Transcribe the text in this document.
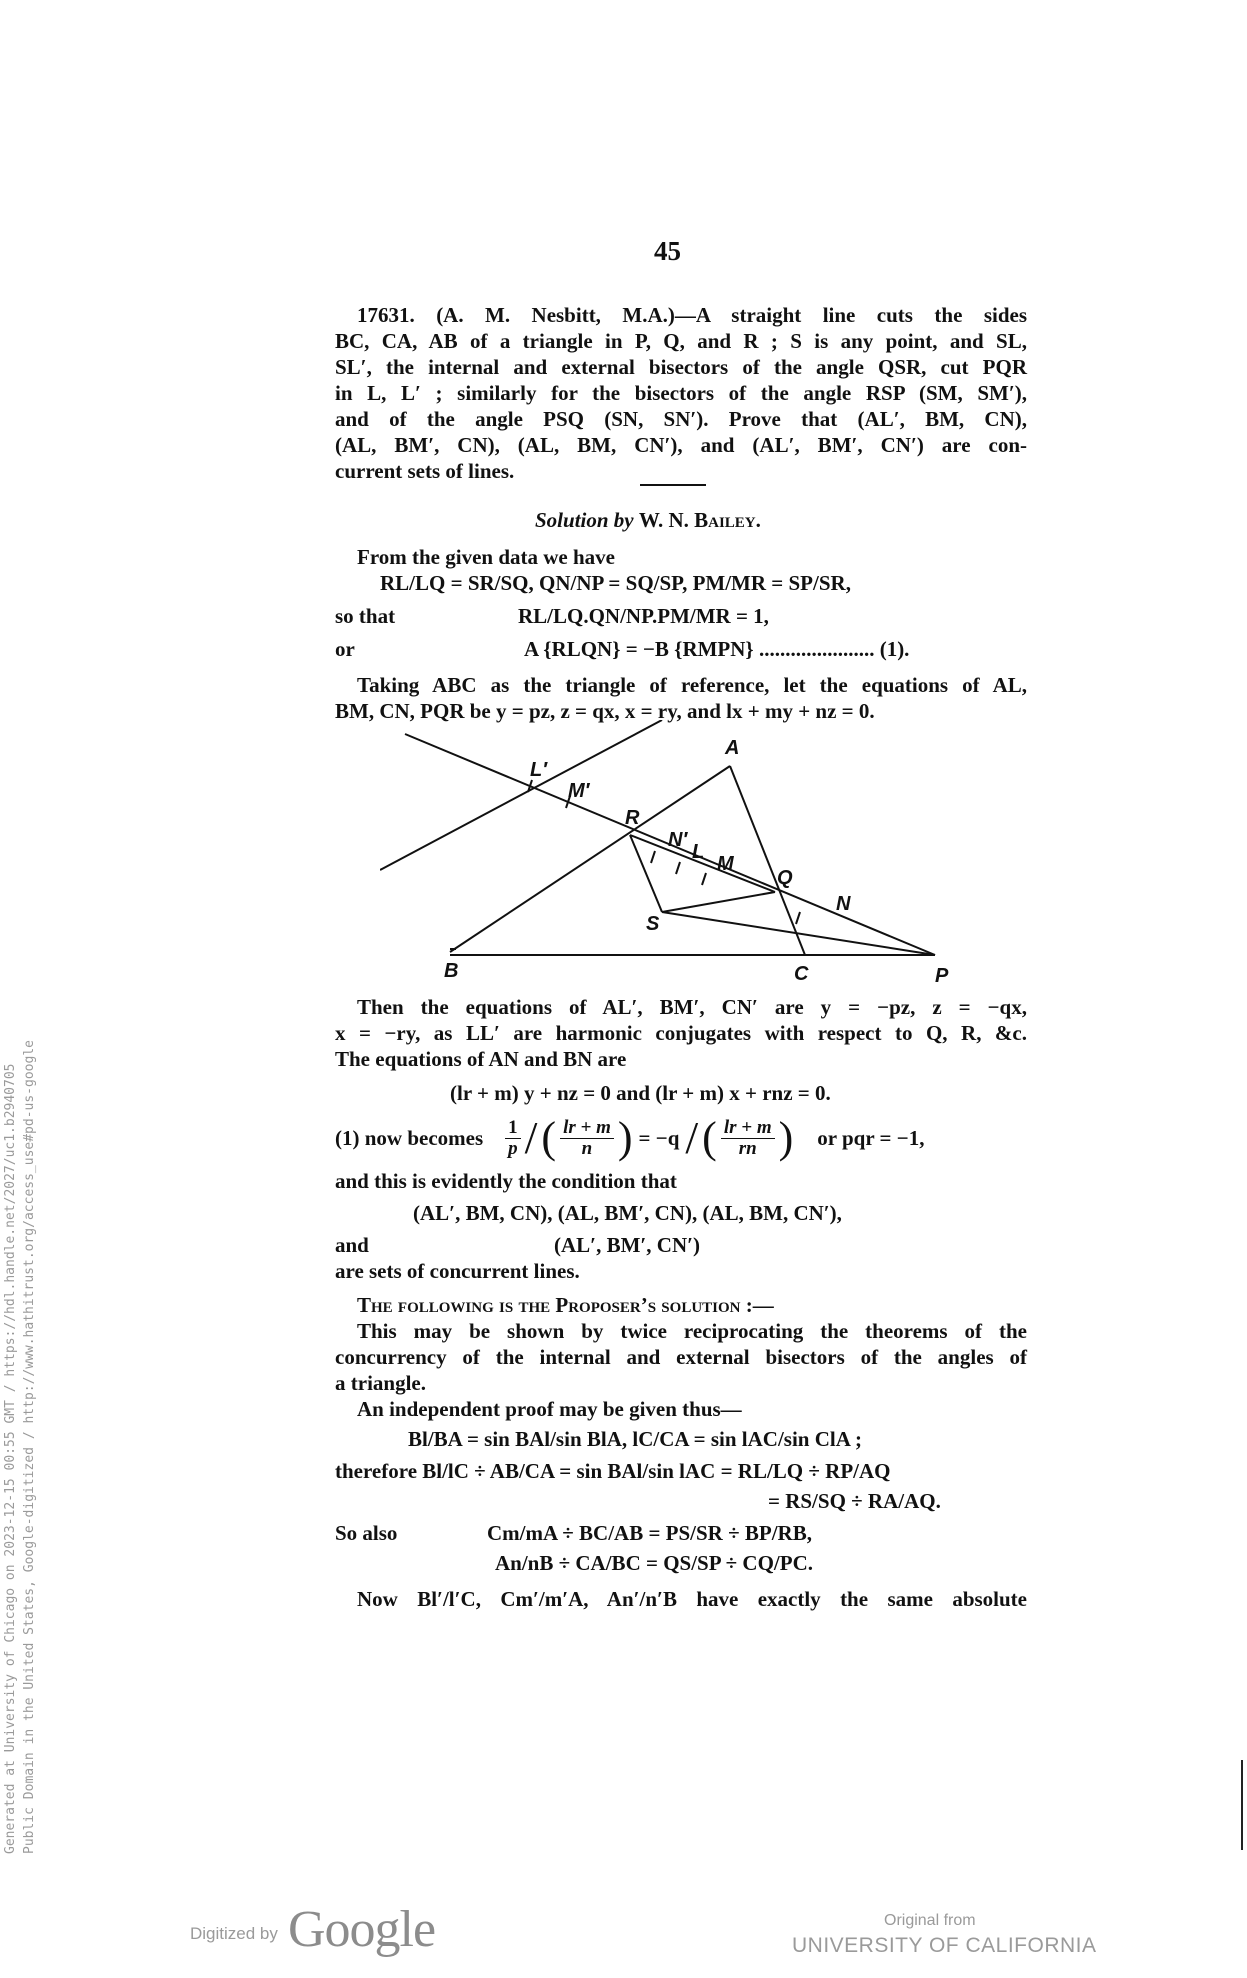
45
17631. (A. M. Nesbitt, M.A.)—A straight line cuts the sides
BC, CA, AB of a triangle in P, Q, and R ; S is any point, and SL,
SL′, the internal and external bisectors of the angle QSR, cut PQR
in L, L′ ; similarly for the bisectors of the angle RSP (SM, SM′),
and of the angle PSQ (SN, SN′). Prove that (AL′, BM, CN),
(AL, BM′, CN), (AL, BM, CN′), and (AL′, BM′, CN′) are con-
current sets of lines.
Solution by W. N. Bailey.
From the given data we have
RL/LQ = SR/SQ, QN/NP = SQ/SP, PM/MR = SP/SR,
so that	RL/LQ.QN/NP.PM/MR = 1,
or	A {RLQN} = −B {RMPN} ...................... (1).
Taking ABC as the triangle of reference, let the equations of AL,
BM, CN, PQR be y = pz, z = qx, x = ry, and lx + my + nz = 0.
A
B	C	P
Q
R
S
L
M
N
L′
M′
N′
Then the equations of AL′, BM′, CN′ are y = −pz, z = −qx,
x = −ry, as LL′ are harmonic conjugates with respect to Q, R, &c.
The equations of AN and BN are
(lr + m) y + nz = 0 and (lr + m) x + rnz = 0.
(1) now becomes $\frac{1}{p}$ / ( $\frac{lr + m}{n}$ ) = −q / ( $\frac{lr + m}{rn}$ ) or pqr = −1,
and this is evidently the condition that
(AL′, BM, CN), (AL, BM′, CN), (AL, BM, CN′),
and	(AL′, BM′, CN′)
are sets of concurrent lines.
The following is the Proposer’s solution :—
This may be shown by twice reciprocating the theorems of the
concurrency of the internal and external bisectors of the angles of
a triangle.
An independent proof may be given thus—
Bl/BA = sin BAl/sin BlA, lC/CA = sin lAC/sin ClA ;
therefore Bl/lC ÷ AB/CA = sin BAl/sin lAC = RL/LQ ÷ RP/AQ
= RS/SQ ÷ RA/AQ.
So also	Cm/mA ÷ BC/AB = PS/SR ÷ BP/RB,
An/nB ÷ CA/BC = QS/SP ÷ CQ/PC.
Now Bl′/l′C, Cm′/m′A, An′/n′B have exactly the same absolute
Generated at University of Chicago on 2023-12-15 00:55 GMT / https://hdl.handle.net/2027/uc1.b2940705 Public Domain in the United States, Google-digitized / http://www.hathitrust.org/access_use#pd-us-google
Digitized by Google	Original from
UNIVERSITY OF CALIFORNIA
